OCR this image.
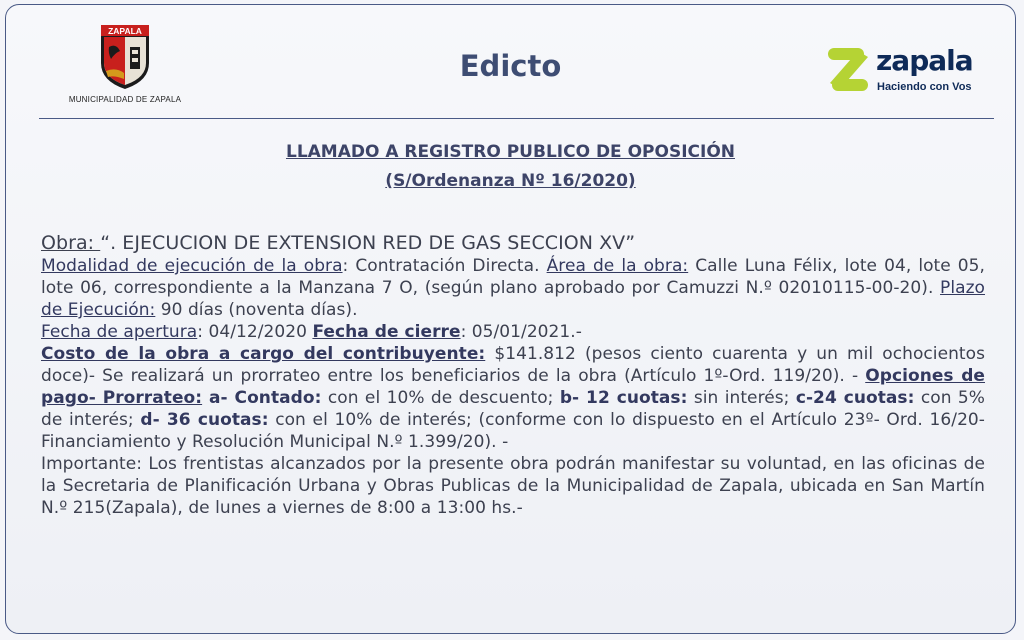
ZAPALA
MUNICIPALIDAD DE ZAPALA
Edicto	zapala
Haciendo con Vos
LLAMADO A REGISTRO PUBLICO DE OPOSICIÓN
(S/Ordenanza Nº 16/2020)

Obra: “. EJECUCION DE EXTENSION RED DE GAS SECCION XV”

Modalidad de ejecución de la obra: Contratación Directa. Área de la obra: Calle Luna Félix, lote 04, lote 05, lote 06, correspondiente a la Manzana 7 O, (según plano aprobado por Camuzzi N.º 02010115-00-20). Plazo de Ejecución: 90 días (noventa días).

Fecha de apertura: 04/12/2020 Fecha de cierre: 05/01/2021.-

Costo de la obra a cargo del contribuyente: $141.812 (pesos ciento cuarenta y un mil ochocientos doce)- Se realizará un prorrateo entre los beneficiarios de la obra (Artículo 1º-Ord. 119/20). - Opciones de pago- Prorrateo: a- Contado: con el 10% de descuento; b- 12 cuotas: sin interés; c-24 cuotas: con 5% de interés; d- 36 cuotas: con el 10% de interés; (conforme con lo dispuesto en el Artículo 23º- Ord. 16/20- Financiamiento y Resolución Municipal N.º 1.399/20). -

Importante: Los frentistas alcanzados por la presente obra podrán manifestar su voluntad, en las oficinas de la Secretaria de Planificación Urbana y Obras Publicas de la Municipalidad de Zapala, ubicada en San Martín N.º 215(Zapala), de lunes a viernes de 8:00 a 13:00 hs.-
